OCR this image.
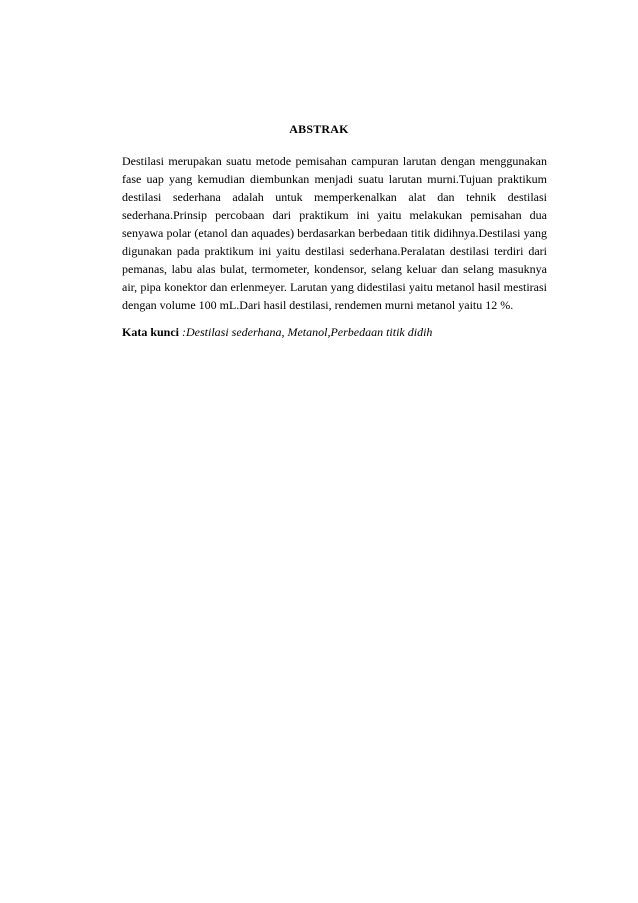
ABSTRAK
Destilasi merupakan suatu metode pemisahan campuran larutan dengan menggunakan fase uap yang kemudian diembunkan menjadi suatu larutan murni.Tujuan praktikum destilasi sederhana adalah untuk memperkenalkan alat dan tehnik destilasi sederhana.Prinsip percobaan dari praktikum ini yaitu melakukan pemisahan dua senyawa polar (etanol dan aquades) berdasarkan berbedaan titik didihnya.Destilasi yang digunakan pada praktikum ini yaitu destilasi sederhana.Peralatan destilasi terdiri dari pemanas, labu alas bulat, termometer, kondensor, selang keluar dan selang masuknya air, pipa konektor dan erlenmeyer. Larutan yang didestilasi yaitu metanol hasil mestirasi dengan volume 100 mL.Dari hasil destilasi, rendemen murni metanol yaitu 12 %.
Kata kunci :Destilasi sederhana, Metanol,Perbedaan titik didih
